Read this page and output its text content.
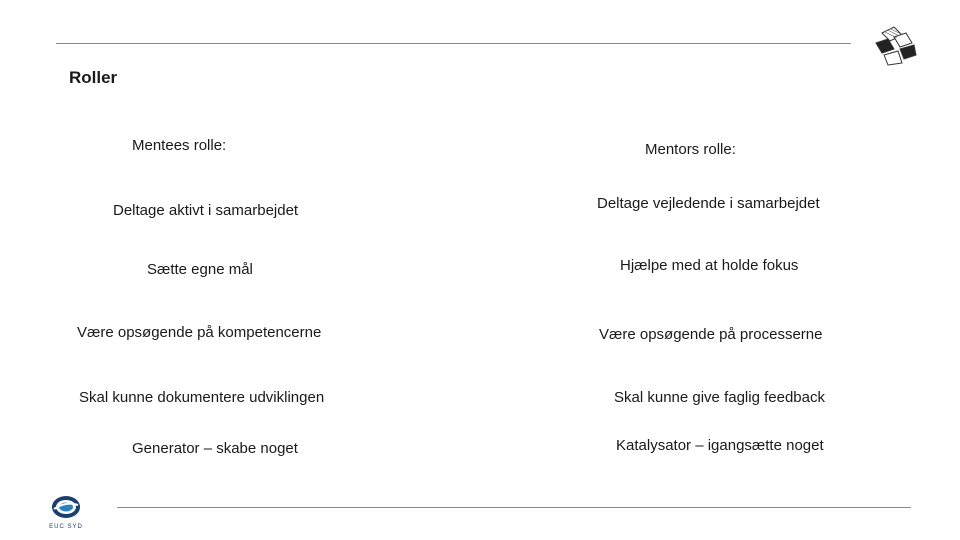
Roller
Mentees rolle:	Mentors rolle:
Deltage aktivt i samarbejdet
Sætte egne mål
Være opsøgende på kompetencerne
Skal kunne dokumentere udviklingen
Generator – skabe noget
Deltage vejledende i samarbejdet
Hjælpe med at holde fokus
Være opsøgende på processerne
Skal kunne give faglig feedback
Katalysator – igangsætte noget
EUC SYD
